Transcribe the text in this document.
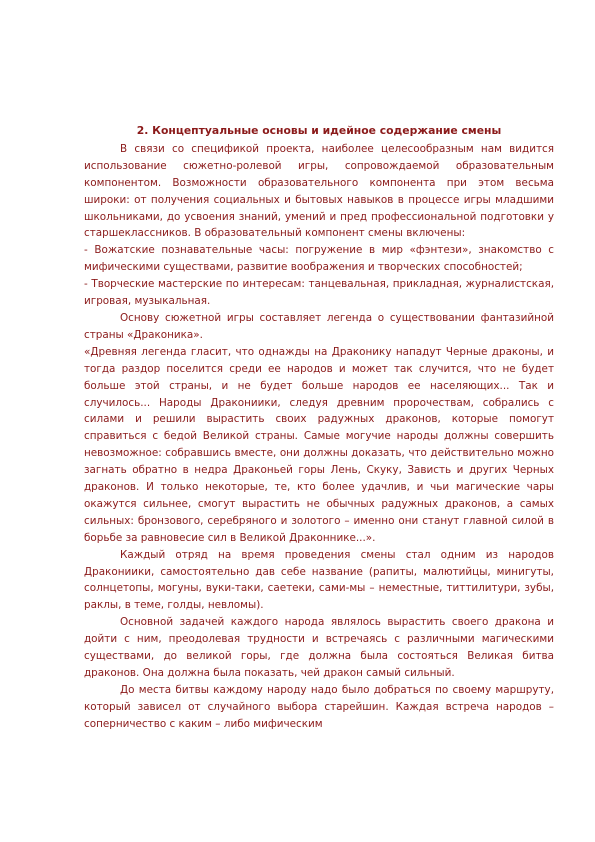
2. Концептуальные основы и идейное содержание смены

В связи со спецификой проекта, наиболее целесообразным нам видится использование сюжетно-ролевой игры, сопровождаемой образовательным компонентом. Возможности образовательного компонента при этом весьма широки: от получения социальных и бытовых навыков в процессе игры младшими школьниками, до усвоения знаний, умений и пред профессиональной подготовки у старшеклассников. В образовательный компонент смены включены:

- Вожатские познавательные часы: погружение в мир «фэнтези», знакомство с мифическими существами, развитие воображения и творческих способностей;

- Творческие мастерские по интересам: танцевальная, прикладная, журналистская, игровая, музыкальная.

Основу сюжетной игры составляет легенда о существовании фантазийной страны «Драконика».

«Древняя легенда гласит, что однажды на Драконику нападут Черные драконы, и тогда раздор поселится среди ее народов и может так случится, что не будет больше этой страны, и не будет больше народов ее населяющих... Так и случилось... Народы Дракониики, следуя древним пророчествам, собрались с силами и решили вырастить своих радужных драконов, которые помогут справиться с бедой Великой страны. Самые могучие народы должны совершить невозможное: собравшись вместе, они должны доказать, что действительно можно загнать обратно в недра Драконьей горы Лень, Скуку, Зависть и других Черных драконов. И только некоторые, те, кто более удачлив, и чьи магические чары окажутся сильнее, смогут вырастить не обычных радужных драконов, а самых сильных: бронзового, серебряного и золотого – именно они станут главной силой в борьбе за равновесие сил в Великой Драконнике...».

Каждый отряд на время проведения смены стал одним из народов Дракониики, самостоятельно дав себе название (рапиты, малютийцы, минигуты, солнцетопы, могуны, вуки-таки, саетеки, сами-мы – неместные, титтилитури, зубы, раклы, в теме, голды, невломы).

Основной задачей каждого народа являлось вырастить своего дракона и дойти с ним, преодолевая трудности и встречаясь с различными магическими существами, до великой горы, где должна была состояться Великая битва драконов. Она должна была показать, чей дракон самый сильный.

До места битвы каждому народу надо было добраться по своему маршруту, который зависел от случайного выбора старейшин. Каждая встреча народов – соперничество с каким – либо мифическим
